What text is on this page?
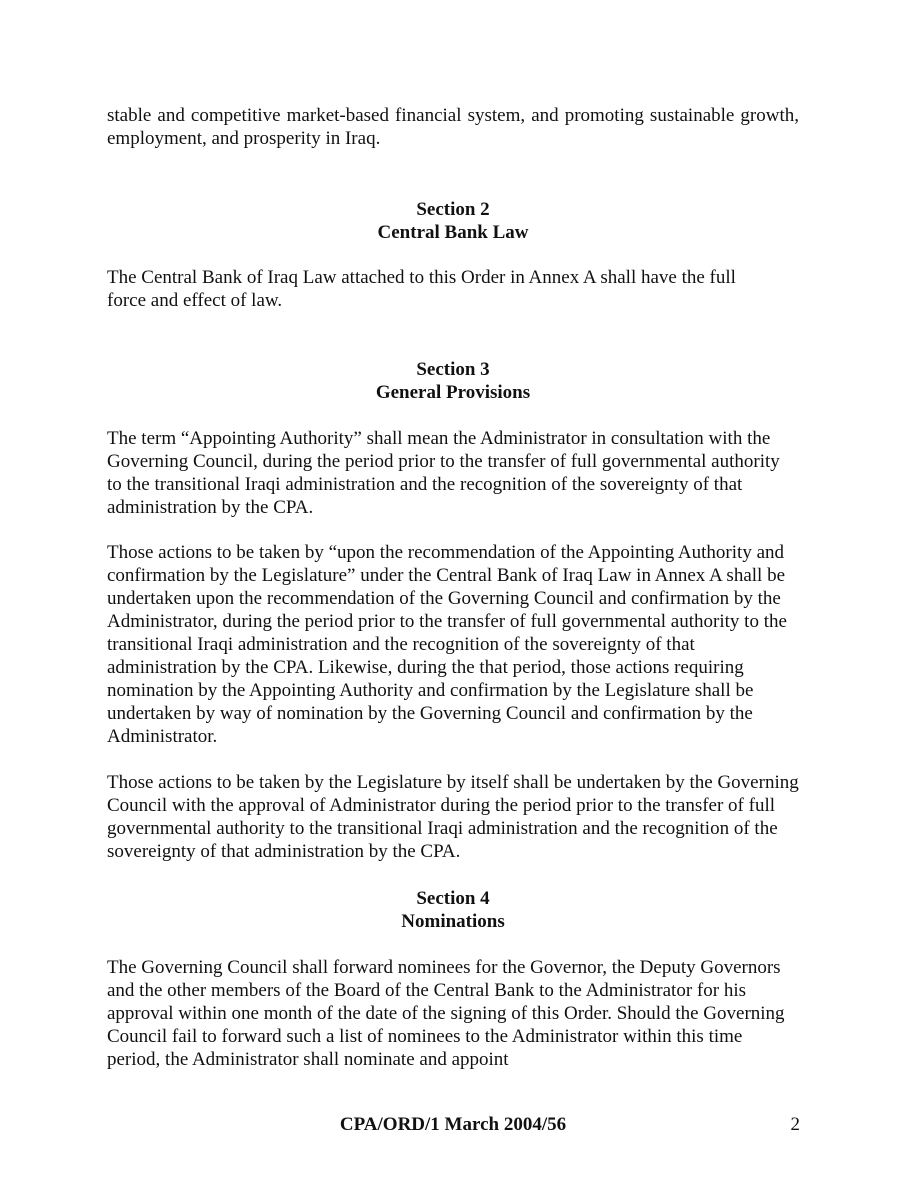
stable and competitive market-based financial system, and promoting sustainable growth, employment, and prosperity in Iraq.

Section 2
Central Bank Law

The Central Bank of Iraq Law attached to this Order in Annex A shall have the full force and effect of law.

Section 3
General Provisions

The term “Appointing Authority” shall mean the Administrator in consultation with the Governing Council, during the period prior to the transfer of full governmental authority to the transitional Iraqi administration and the recognition of the sovereignty of that administration by the CPA.

Those actions to be taken by “upon the recommendation of the Appointing Authority and confirmation by the Legislature” under the Central Bank of Iraq Law in Annex A shall be undertaken upon the recommendation of the Governing Council and confirmation by the Administrator, during the period prior to the transfer of full governmental authority to the transitional Iraqi administration and the recognition of the sovereignty of that administration by the CPA. Likewise, during the that period, those actions requiring nomination by the Appointing Authority and confirmation by the Legislature shall be undertaken by way of nomination by the Governing Council and confirmation by the Administrator.

Those actions to be taken by the Legislature by itself shall be undertaken by the Governing Council with the approval of Administrator during the period prior to the transfer of full governmental authority to the transitional Iraqi administration and the recognition of the sovereignty of that administration by the CPA.

Section 4
Nominations

The Governing Council shall forward nominees for the Governor, the Deputy Governors and the other members of the Board of the Central Bank to the Administrator for his approval within one month of the date of the signing of this Order. Should the Governing Council fail to forward such a list of nominees to the Administrator within this time period, the Administrator shall nominate and appoint

CPA/ORD/1 March 2004/56	2
